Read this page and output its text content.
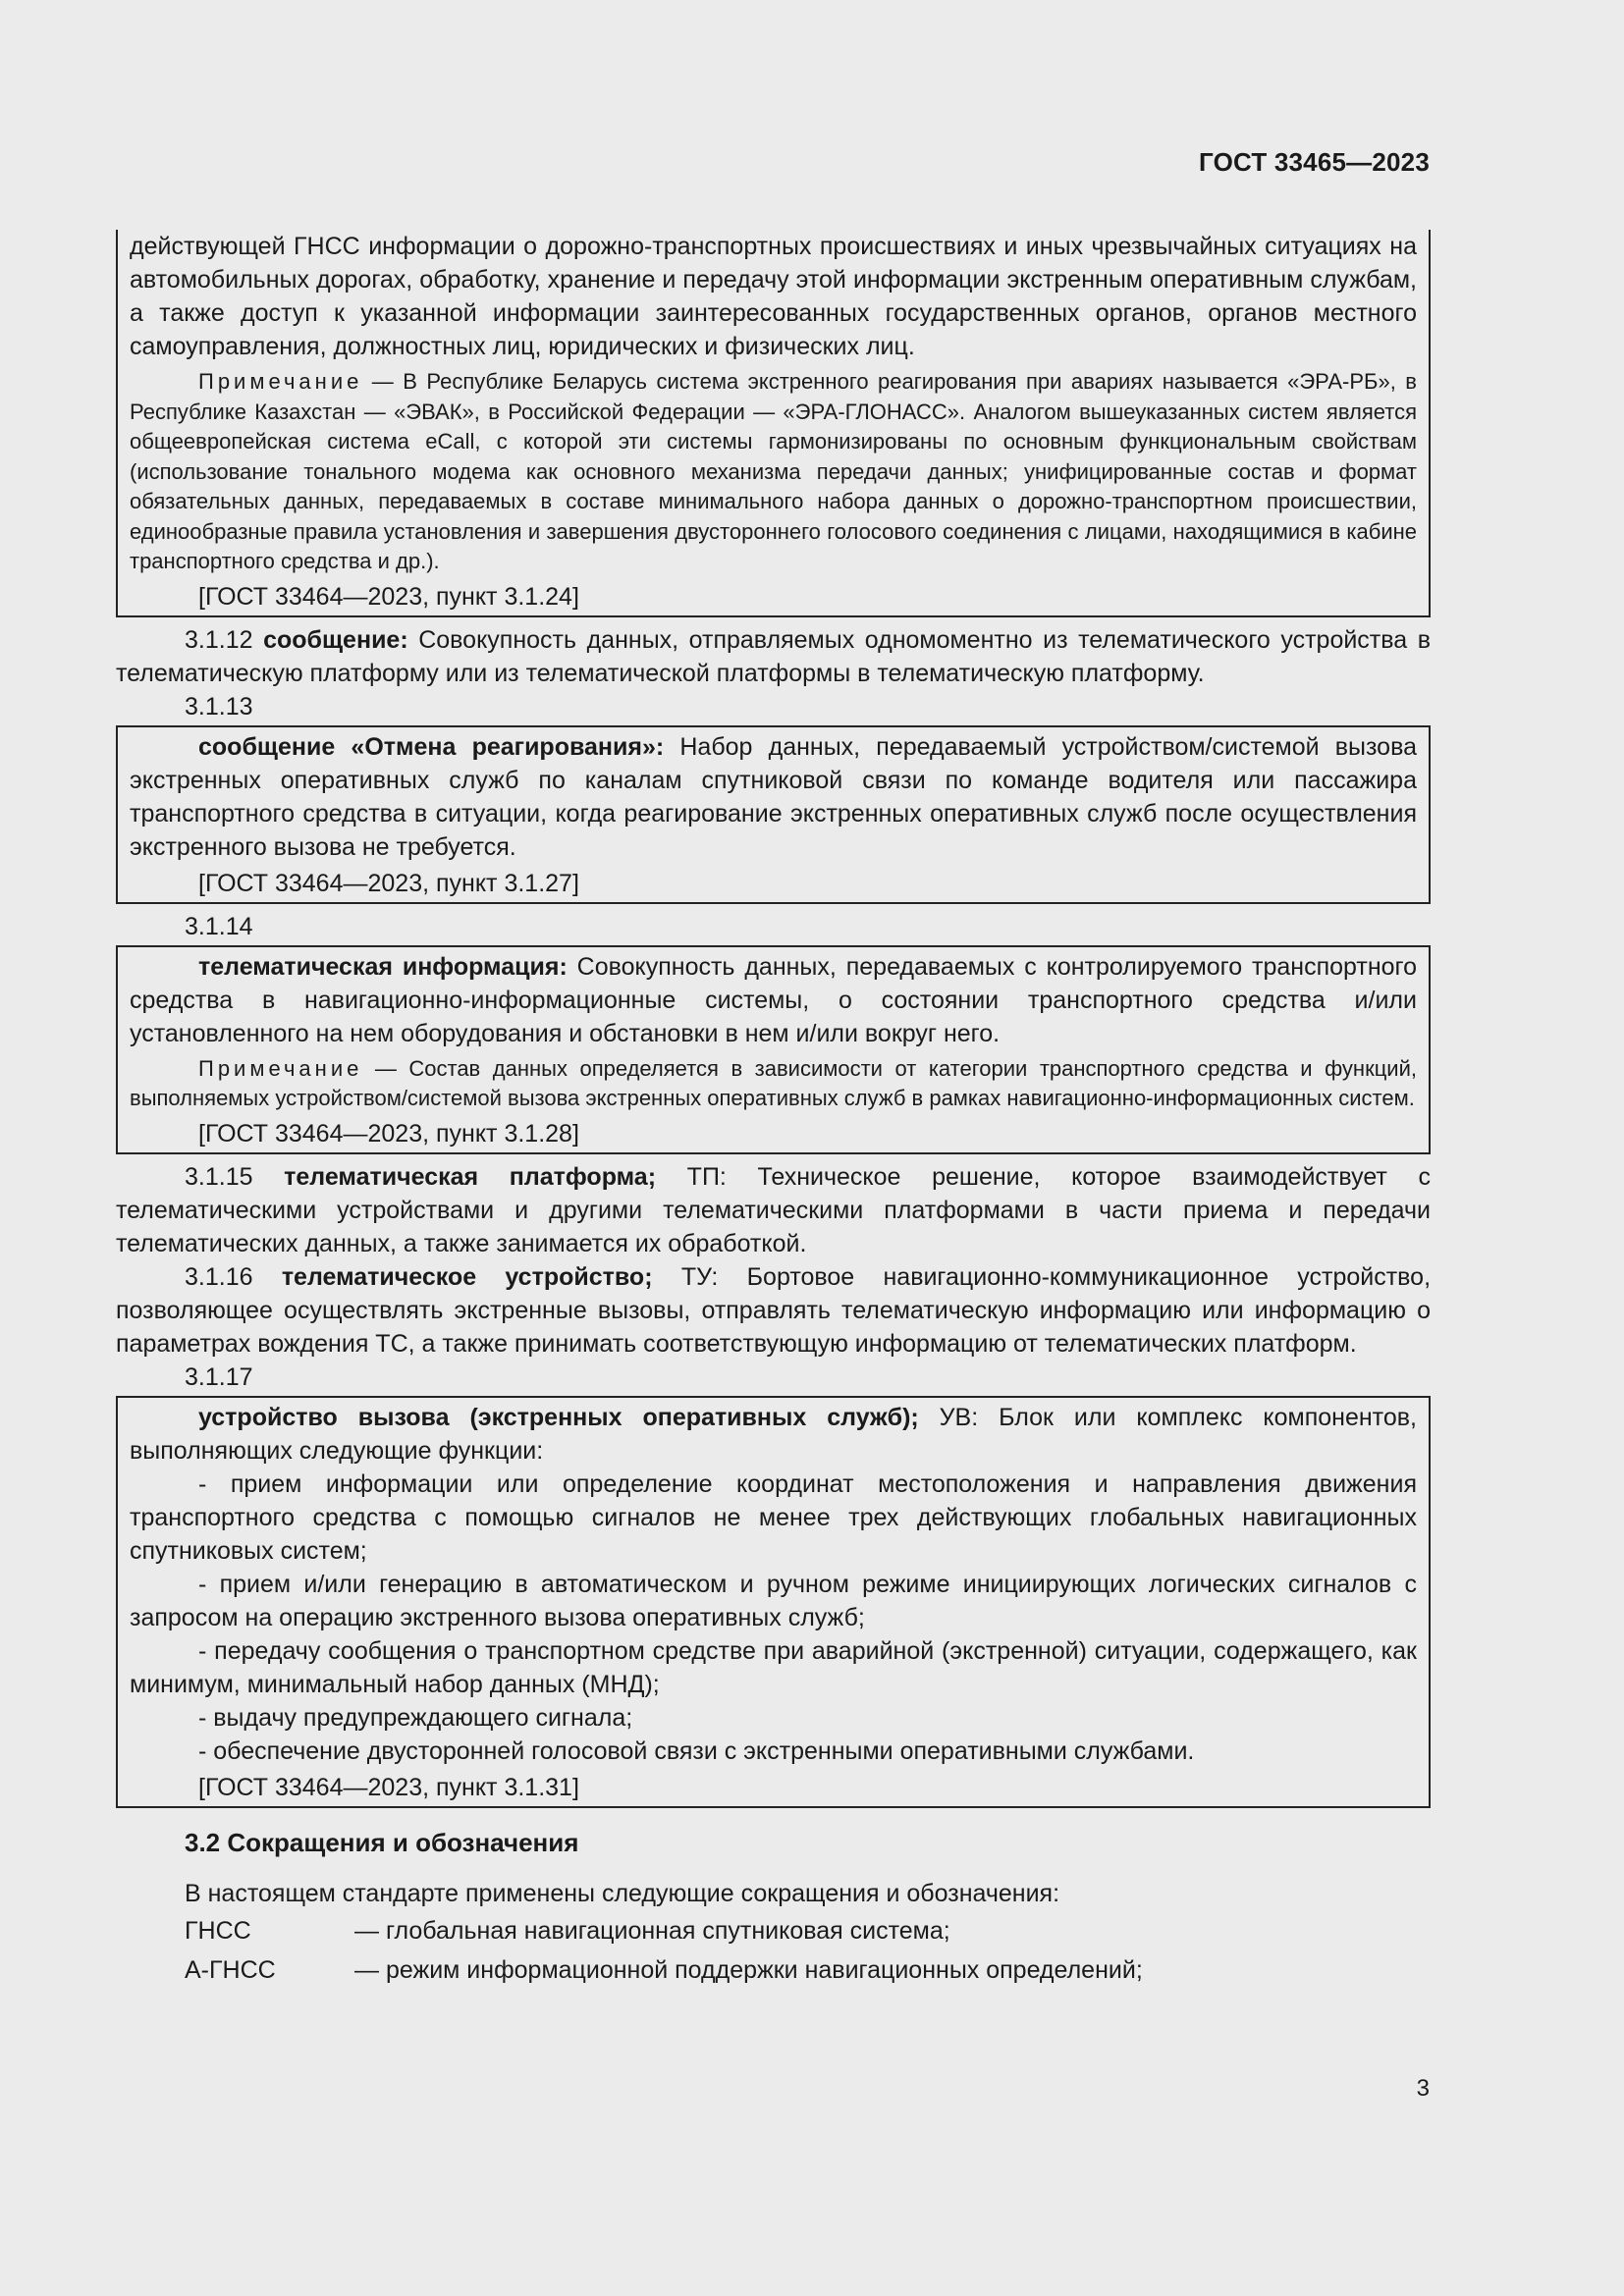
ГОСТ 33465—2023

действующей ГНСС информации о дорожно-транспортных происшествиях и иных чрезвычайных ситуациях на автомобильных дорогах, обработку, хранение и передачу этой информации экстренным оперативным службам, а также доступ к указанной информации заинтересованных государственных органов, органов местного самоуправления, должностных лиц, юридических и физических лиц.

Примечание — В Республике Беларусь система экстренного реагирования при авариях называется «ЭРА-РБ», в Республике Казахстан — «ЭВАК», в Российской Федерации — «ЭРА-ГЛОНАСС». Аналогом вышеуказанных систем является общеевропейская система eCall, с которой эти системы гармонизированы по основным функциональным свойствам (использование тонального модема как основного механизма передачи данных; унифицированные состав и формат обязательных данных, передаваемых в составе минимального набора данных о дорожно-транспортном происшествии, единообразные правила установления и завершения двустороннего голосового соединения с лицами, находящимися в кабине транспортного средства и др.).

[ГОСТ 33464—2023, пункт 3.1.24]

3.1.12 сообщение: Совокупность данных, отправляемых одномоментно из телематического устройства в телематическую платформу или из телематической платформы в телематическую платформу.

3.1.13

сообщение «Отмена реагирования»: Набор данных, передаваемый устройством/системой вызова экстренных оперативных служб по каналам спутниковой связи по команде водителя или пассажира транспортного средства в ситуации, когда реагирование экстренных оперативных служб после осуществления экстренного вызова не требуется.

[ГОСТ 33464—2023, пункт 3.1.27]

3.1.14

телематическая информация: Совокупность данных, передаваемых с контролируемого транспортного средства в навигационно-информационные системы, о состоянии транспортного средства и/или установленного на нем оборудования и обстановки в нем и/или вокруг него.

Примечание — Состав данных определяется в зависимости от категории транспортного средства и функций, выполняемых устройством/системой вызова экстренных оперативных служб в рамках навигационно-информационных систем.

[ГОСТ 33464—2023, пункт 3.1.28]

3.1.15 телематическая платформа; ТП: Техническое решение, которое взаимодействует с телематическими устройствами и другими телематическими платформами в части приема и передачи телематических данных, а также занимается их обработкой.

3.1.16 телематическое устройство; ТУ: Бортовое навигационно-коммуникационное устройство, позволяющее осуществлять экстренные вызовы, отправлять телематическую информацию или информацию о параметрах вождения ТС, а также принимать соответствующую информацию от телематических платформ.

3.1.17

устройство вызова (экстренных оперативных служб); УВ: Блок или комплекс компонентов, выполняющих следующие функции:

- прием информации или определение координат местоположения и направления движения транспортного средства с помощью сигналов не менее трех действующих глобальных навигационных спутниковых систем;

- прием и/или генерацию в автоматическом и ручном режиме инициирующих логических сигналов с запросом на операцию экстренного вызова оперативных служб;

- передачу сообщения о транспортном средстве при аварийной (экстренной) ситуации, содержащего, как минимум, минимальный набор данных (МНД);

- выдачу предупреждающего сигнала;

- обеспечение двусторонней голосовой связи с экстренными оперативными службами.

[ГОСТ 33464—2023, пункт 3.1.31]

3.2 Сокращения и обозначения

В настоящем стандарте применены следующие сокращения и обозначения:

ГНСС	— глобальная навигационная спутниковая система;
А-ГНСС	— режим информационной поддержки навигационных определений;
3
